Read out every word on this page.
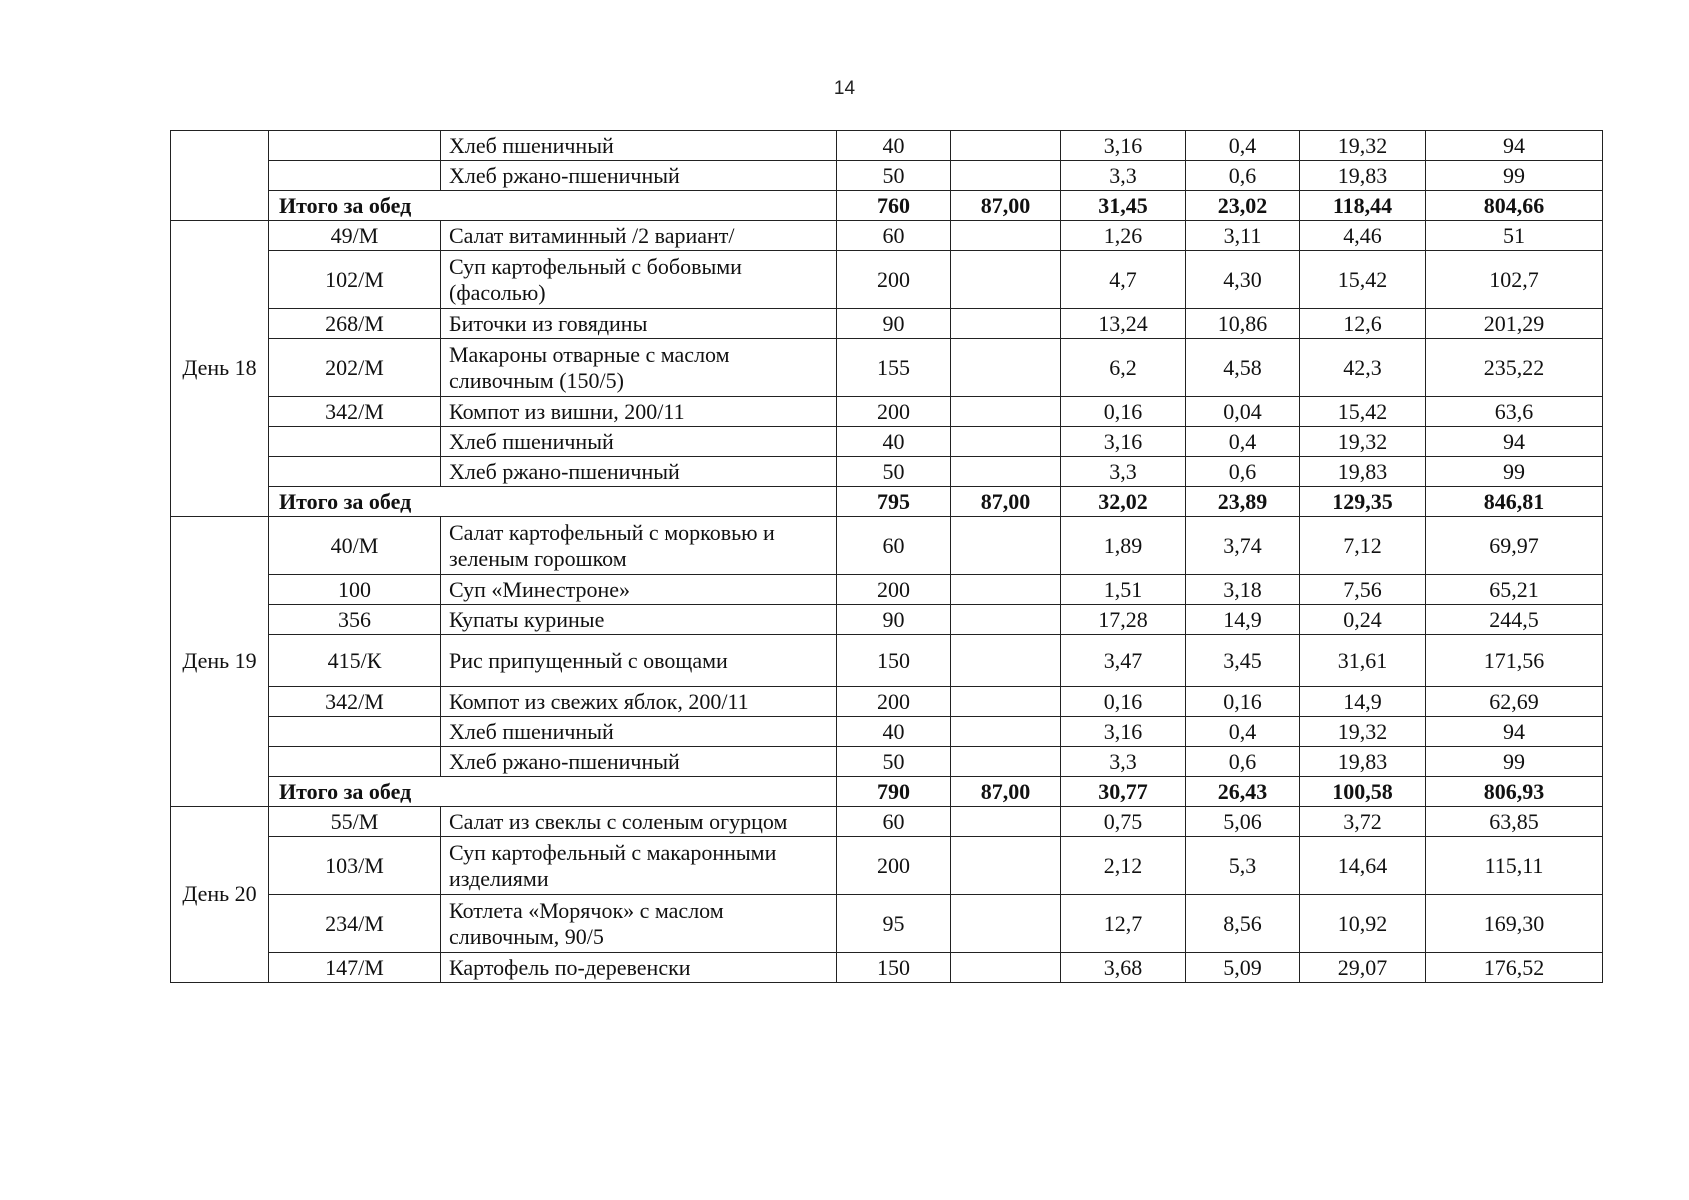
14
		Хлеб пшеничный	40		3,16	0,4	19,32	94
		Хлеб ржано-пшеничный	50		3,3	0,6	19,83	99
	Итого за обед		760	87,00	31,45	23,02	118,44	804,66
День 18	49/М	Салат витаминный /2 вариант/	60		1,26	3,11	4,46	51
	102/М	Суп картофельный с бобовыми (фасолью)	200		4,7	4,30	15,42	102,7
	268/М	Биточки из говядины	90		13,24	10,86	12,6	201,29
	202/М	Макароны отварные с маслом сливочным (150/5)	155		6,2	4,58	42,3	235,22
	342/М	Компот из вишни, 200/11	200		0,16	0,04	15,42	63,6
		Хлеб пшеничный	40		3,16	0,4	19,32	94
		Хлеб ржано-пшеничный	50		3,3	0,6	19,83	99
	Итого за обед		795	87,00	32,02	23,89	129,35	846,81
День 19	40/М	Салат картофельный с морковью и зеленым горошком	60		1,89	3,74	7,12	69,97
	100	Суп «Минестроне»	200		1,51	3,18	7,56	65,21
	356	Купаты куриные	90		17,28	14,9	0,24	244,5
	415/К	Рис припущенный с овощами	150		3,47	3,45	31,61	171,56
	342/М	Компот из свежих яблок, 200/11	200		0,16	0,16	14,9	62,69
		Хлеб пшеничный	40		3,16	0,4	19,32	94
		Хлеб ржано-пшеничный	50		3,3	0,6	19,83	99
	Итого за обед		790	87,00	30,77	26,43	100,58	806,93
День 20	55/М	Салат из свеклы с соленым огурцом	60		0,75	5,06	3,72	63,85
	103/М	Суп картофельный с макаронными изделиями	200		2,12	5,3	14,64	115,11
	234/М	Котлета «Морячок» с маслом сливочным, 90/5	95		12,7	8,56	10,92	169,30
	147/М	Картофель по-деревенски	150		3,68	5,09	29,07	176,52
